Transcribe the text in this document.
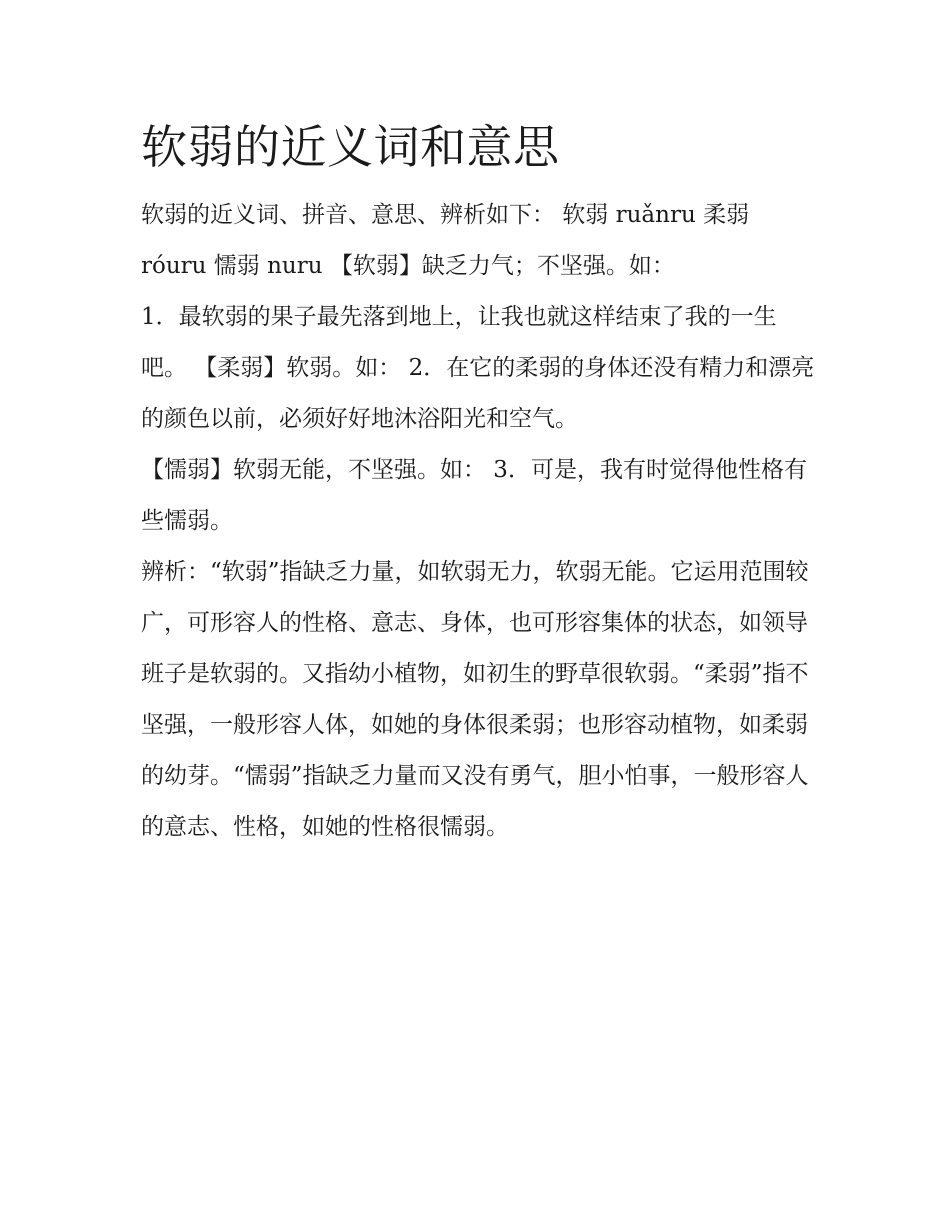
软弱的近义词和意思

软弱的近义词、拼音、意思、辨析如下： 软弱 ruǎnru 柔弱 róuru 懦弱 nuru 【软弱】缺乏力气；不坚强。如：

1．最软弱的果子最先落到地上，让我也就这样结束了我的一生吧。 【柔弱】软弱。如： 2．在它的柔弱的身体还没有精力和漂亮的颜色以前，必须好好地沐浴阳光和空气。

【懦弱】软弱无能，不坚强。如： 3．可是，我有时觉得他性格有些懦弱。

辨析：“软弱”指缺乏力量，如软弱无力，软弱无能。它运用范围较广，可形容人的性格、意志、身体，也可形容集体的状态，如领导班子是软弱的。又指幼小植物，如初生的野草很软弱。“柔弱”指不坚强，一般形容人体，如她的身体很柔弱；也形容动植物，如柔弱的幼芽。“懦弱”指缺乏力量而又没有勇气，胆小怕事，一般形容人的意志、性格，如她的性格很懦弱。
